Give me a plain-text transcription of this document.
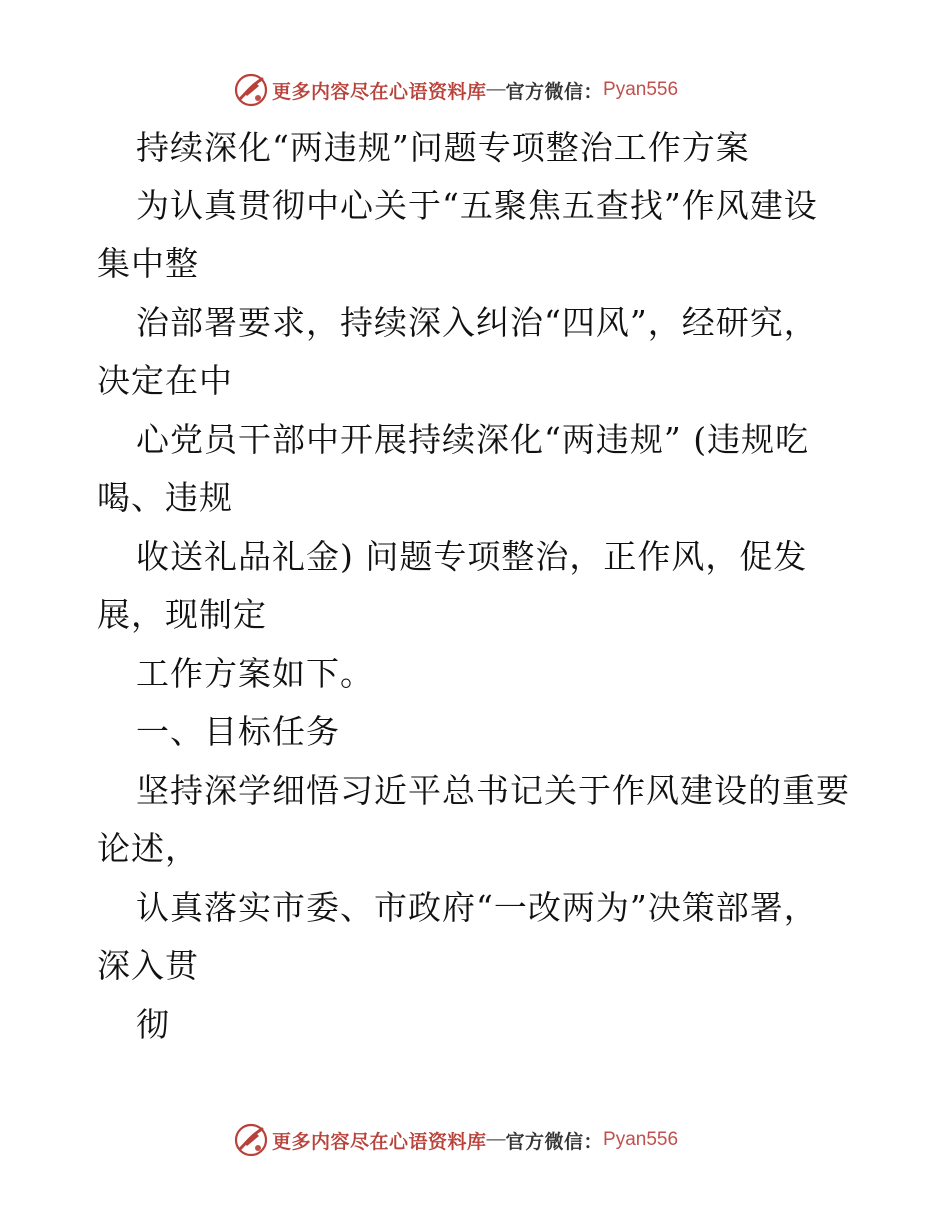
更多内容尽在心语资料库 — 官方微信： Pyan556
持续深化“两违规”问题专项整治工作方案
为认真贯彻中心关于“五聚焦五查找”作风建设
集中整
治部署要求，持续深入纠治“四风”，经研究，
决定在中
心党员干部中开展持续深化“两违规” (违规吃
喝、违规
收送礼品礼金) 问题专项整治，正作风，促发
展，现制定
工作方案如下。
一、目标任务
坚持深学细悟习近平总书记关于作风建设的重要
论述，
认真落实市委、市政府“一改两为”决策部署，
深入贯
彻
更多内容尽在心语资料库 — 官方微信： Pyan556
